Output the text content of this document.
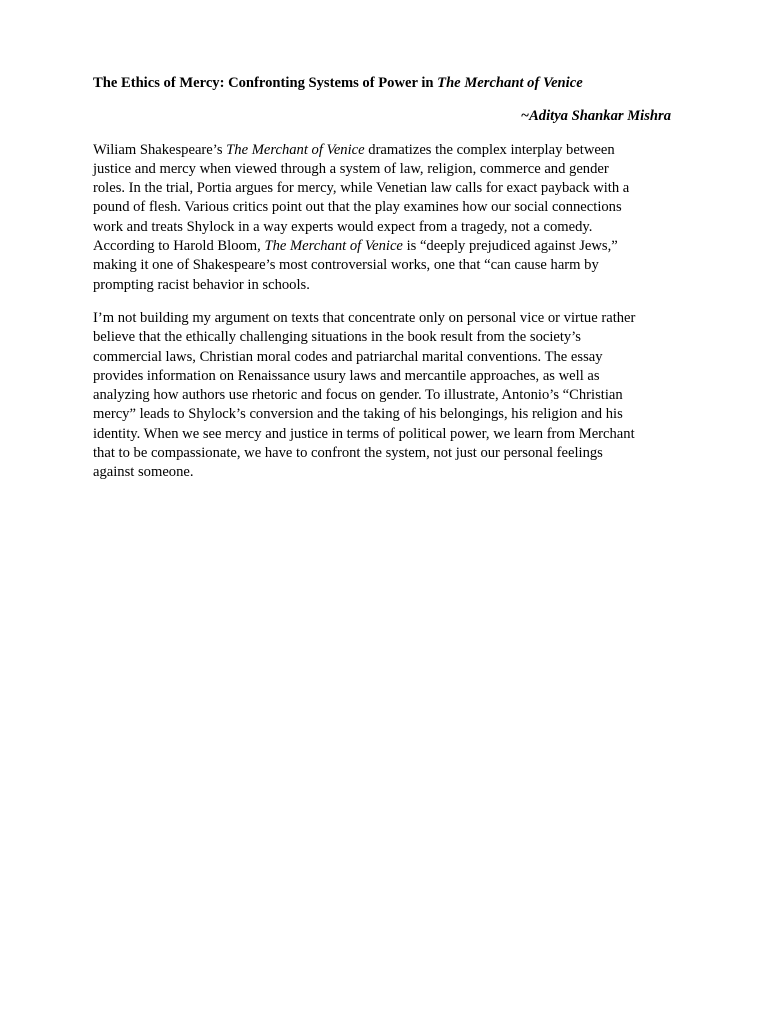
The Ethics of Mercy: Confronting Systems of Power in The Merchant of Venice

~Aditya Shankar Mishra

Wiliam Shakespeare’s The Merchant of Venice dramatizes the complex interplay between
justice and mercy when viewed through a system of law, religion, commerce and gender
roles. In the trial, Portia argues for mercy, while Venetian law calls for exact payback with a
pound of flesh. Various critics point out that the play examines how our social connections
work and treats Shylock in a way experts would expect from a tragedy, not a comedy.
According to Harold Bloom, The Merchant of Venice is “deeply prejudiced against Jews,”
making it one of Shakespeare’s most controversial works, one that “can cause harm by
prompting racist behavior in schools.

I’m not building my argument on texts that concentrate only on personal vice or virtue rather
believe that the ethically challenging situations in the book result from the society’s
commercial laws, Christian moral codes and patriarchal marital conventions. The essay
provides information on Renaissance usury laws and mercantile approaches, as well as
analyzing how authors use rhetoric and focus on gender. To illustrate, Antonio’s “Christian
mercy” leads to Shylock’s conversion and the taking of his belongings, his religion and his
identity. When we see mercy and justice in terms of political power, we learn from Merchant
that to be compassionate, we have to confront the system, not just our personal feelings
against someone.
